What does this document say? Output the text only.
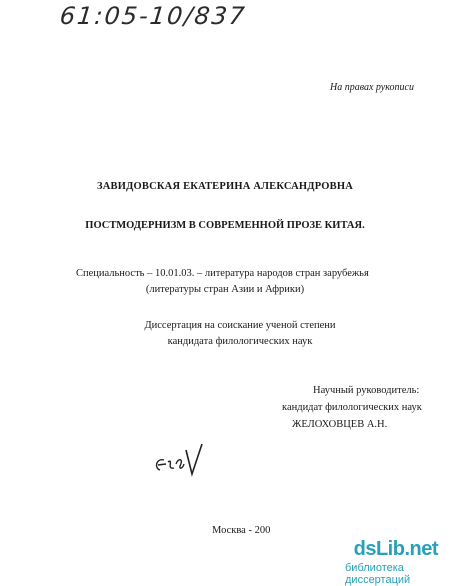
61:05-10/837
На правах рукописи
ЗАВИДОВСКАЯ ЕКАТЕРИНА АЛЕКСАНДРОВНА
ПОСТМОДЕРНИЗМ В СОВРЕМЕННОЙ ПРОЗЕ КИТАЯ.
Специальность – 10.01.03. – литература народов стран зарубежья
(литературы стран Азии и Африки)
Диссертация на соискание ученой степени
кандидата филологических наук
Научный руководитель:
кандидат филологических наук
ЖЕЛОХОВЦЕВ А.Н.
Москва - 200
dsLib.net
библиотека диссертаций
